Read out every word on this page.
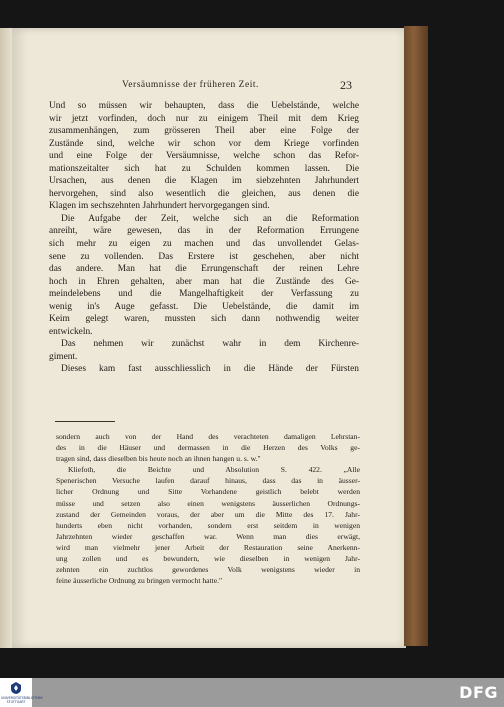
Versäumnisse der früheren Zeit.	23
Und so müssen wir behaupten, dass die Uebelstände, welche
wir jetzt vorfinden, doch nur zu einigem Theil mit dem Krieg
zusammenhängen, zum grösseren Theil aber eine Folge der
Zustände sind, welche wir schon vor dem Kriege vorfinden
und eine Folge der Versäumnisse, welche schon das Refor-
mationszeitalter sich hat zu Schulden kommen lassen. Die
Ursachen, aus denen die Klagen im siebzehnten Jahrhundert
hervorgehen, sind also wesentlich die gleichen, aus denen die
Klagen im sechszehnten Jahrhundert hervorgegangen sind.
Die Aufgabe der Zeit, welche sich an die Reformation
anreiht, wäre gewesen, das in der Reformation Errungene
sich mehr zu eigen zu machen und das unvollendet Gelas-
sene zu vollenden. Das Erstere ist geschehen, aber nicht
das andere. Man hat die Errungenschaft der reinen Lehre
hoch in Ehren gehalten, aber man hat die Zustände des Ge-
meindelebens und die Mangelhaftigkeit der Verfassung zu
wenig in's Auge gefasst. Die Uebelstände, die damit im
Keim gelegt waren, mussten sich dann nothwendig weiter
entwickeln.
Das nehmen wir zunächst wahr in dem Kirchenre-
giment.
Dieses kam fast ausschliesslich in die Hände der Fürsten
sondern auch von der Hand des verachteten damaligen Lehrstan-
des in die Häuser und dermassen in die Herzen des Volks ge-
tragen sind, dass dieselben bis heute noch an ihnen hangen u. s. w."
Kliefoth, die Beichte und Absolution S. 422. „Alle
Spenerischen Versuche laufen darauf hinaus, dass das in äusser-
licher Ordnung und Sitte Vorhandene geistlich belebt werden
müsse und setzen also einen wenigstens äusserlichen Ordnungs-
zustand der Gemeinden voraus, der aber um die Mitte des 17. Jahr-
hunderts eben nicht vorhanden, sondern erst seitdem in wenigen
Jahrzehnten wieder geschaffen war. Wenn man dies erwägt,
wird man vielmehr jener Arbeit der Restauration seine Anerkenn-
ung zollen und es bewundern, wie dieselben in wenigen Jahr-
zehnten ein zuchtlos gewordenes Volk wenigstens wieder in
feine äusserliche Ordnung zu bringen vermocht hatte."
UNIVERSITÄTSBIBLIOTHEK STUTTGART	DFG
